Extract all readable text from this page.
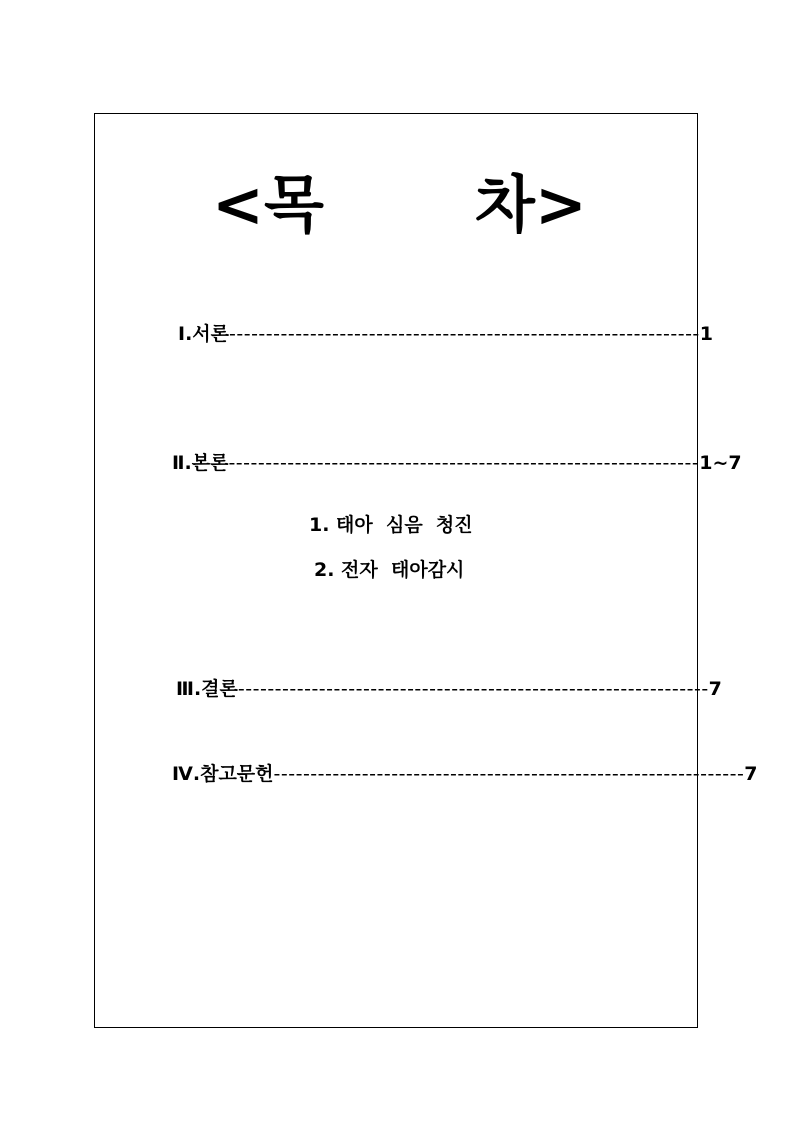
<목 차>
Ⅰ.서론 ---------------------------------------------------------------- 1
Ⅱ.본론 ---------------------------------------------------------------- 1~7
1. 태아  심음  청진
2. 전자  태아감시
Ⅲ.결론 ---------------------------------------------------------------- 7
Ⅳ.참고문헌 ---------------------------------------------------------------- 7
